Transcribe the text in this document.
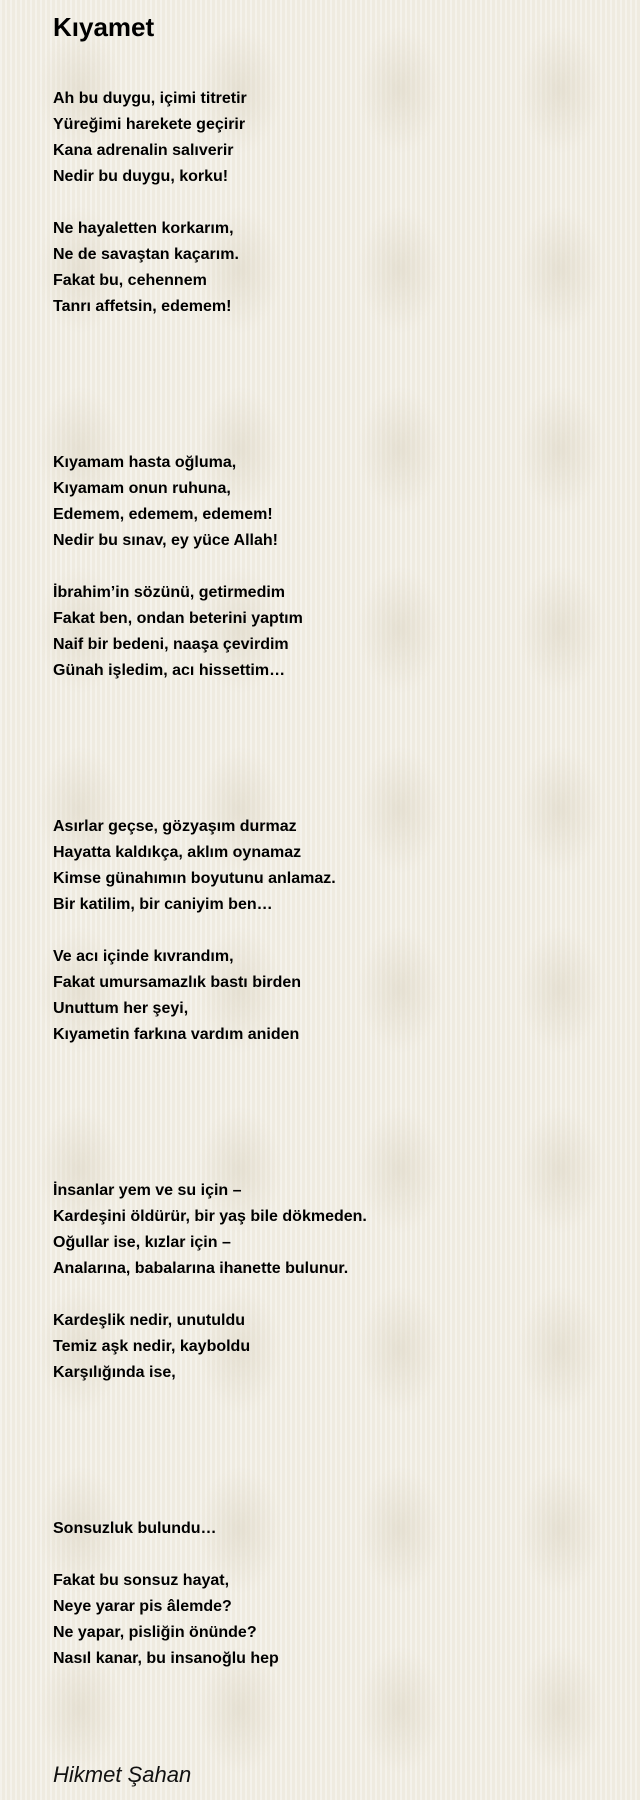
Kıyamet
Ah bu duygu, içimi titretir
Yüreğimi harekete geçirir
Kana adrenalin salıverir
Nedir bu duygu, korku!
Ne hayaletten korkarım,
Ne de savaştan kaçarım.
Fakat bu, cehennem
Tanrı affetsin, edemem!
Kıyamam hasta oğluma,
Kıyamam onun ruhuna,
Edemem, edemem, edemem!
Nedir bu sınav, ey yüce Allah!
İbrahim’in sözünü, getirmedim
Fakat ben, ondan beterini yaptım
Naif bir bedeni, naaşa çevirdim
Günah işledim, acı hissettim…
Asırlar geçse, gözyaşım durmaz
Hayatta kaldıkça, aklım oynamaz
Kimse günahımın boyutunu anlamaz.
Bir katilim, bir caniyim ben…
Ve acı içinde kıvrandım,
Fakat umursamazlık bastı birden
Unuttum her şeyi,
Kıyametin farkına vardım aniden
İnsanlar yem ve su için –
Kardeşini öldürür, bir yaş bile dökmeden.
Oğullar ise, kızlar için –
Analarına, babalarına ihanette bulunur.
Kardeşlik nedir, unutuldu
Temiz aşk nedir, kayboldu
Karşılığında ise,
Sonsuzluk bulundu…
Fakat bu sonsuz hayat,
Neye yarar pis âlemde?
Ne yapar, pisliğin önünde?
Nasıl kanar, bu insanoğlu hep
Hikmet Şahan
